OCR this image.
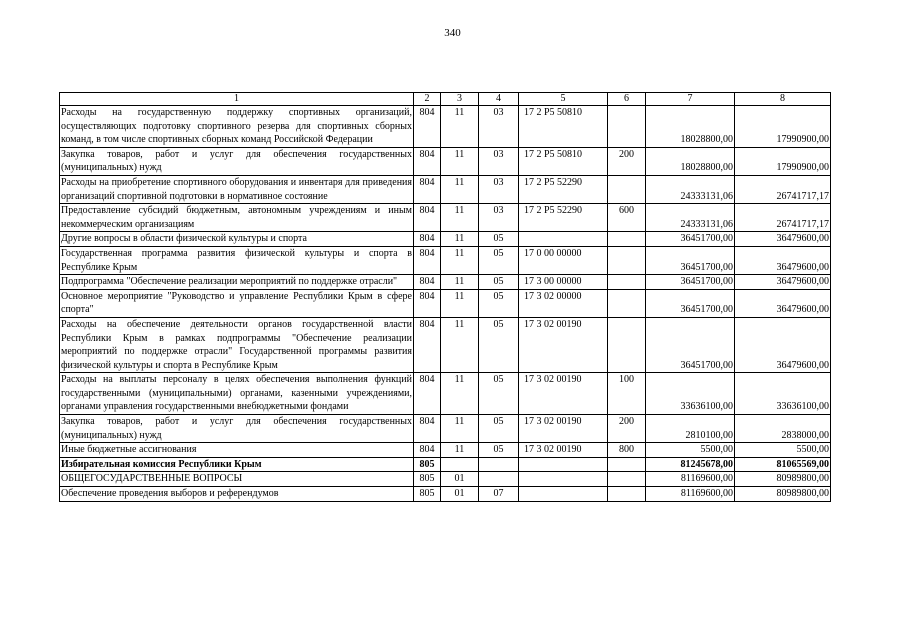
340
1	2	3	4	5	6	7	8
Расходы на государственную поддержку спортивных организаций, осуществляющих подготовку спортивного резерва для спортивных сборных команд, в том числе спортивных сборных команд Российской Федерации	804	11	03	17 2 P5 50810		18028800,00	17990900,00
Закупка товаров, работ и услуг для обеспечения государственных (муниципальных) нужд	804	11	03	17 2 P5 50810	200	18028800,00	17990900,00
Расходы на приобретение спортивного оборудования и инвентаря для приведения организаций спортивной подготовки в нормативное состояние	804	11	03	17 2 P5 52290		24333131,06	26741717,17
Предоставление субсидий бюджетным, автономным учреждениям и иным некоммерческим организациям	804	11	03	17 2 P5 52290	600	24333131,06	26741717,17
Другие вопросы в области физической культуры и спорта	804	11	05			36451700,00	36479600,00
Государственная программа развития физической культуры и спорта в Республике Крым	804	11	05	17 0 00 00000		36451700,00	36479600,00
Подпрограмма "Обеспечение реализации мероприятий по поддержке отрасли"	804	11	05	17 3 00 00000		36451700,00	36479600,00
Основное мероприятие "Руководство и управление Республики Крым в сфере спорта"	804	11	05	17 3 02 00000		36451700,00	36479600,00
Расходы на обеспечение деятельности органов государственной власти Республики Крым в рамках подпрограммы "Обеспечение реализации мероприятий по поддержке отрасли" Государственной программы развития физической культуры и спорта в Республике Крым	804	11	05	17 3 02 00190		36451700,00	36479600,00
Расходы на выплаты персоналу в целях обеспечения выполнения функций государственными (муниципальными) органами, казенными учреждениями, органами управления государственными внебюджетными фондами	804	11	05	17 3 02 00190	100	33636100,00	33636100,00
Закупка товаров, работ и услуг для обеспечения государственных (муниципальных) нужд	804	11	05	17 3 02 00190	200	2810100,00	2838000,00
Иные бюджетные ассигнования	804	11	05	17 3 02 00190	800	5500,00	5500,00
Избирательная комиссия Республики Крым	805					81245678,00	81065569,00
ОБЩЕГОСУДАРСТВЕННЫЕ ВОПРОСЫ	805	01				81169600,00	80989800,00
Обеспечение проведения выборов и референдумов	805	01	07			81169600,00	80989800,00
